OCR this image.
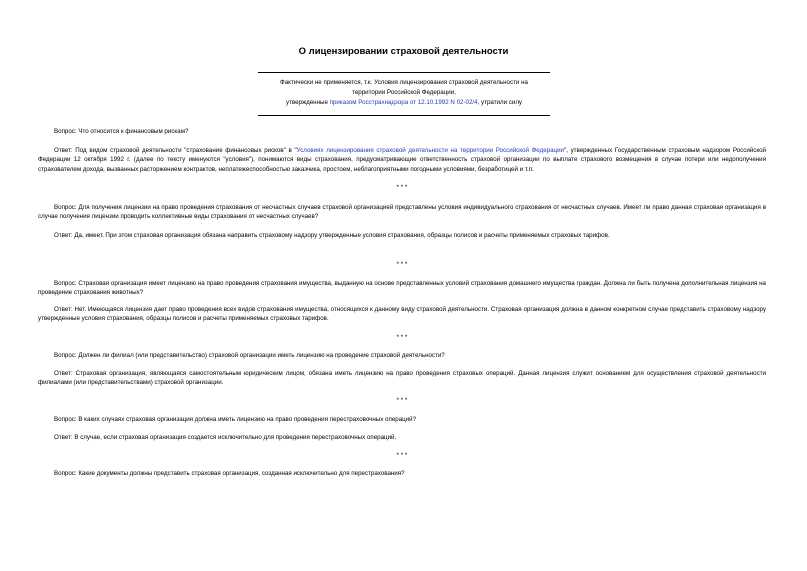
О лицензировании страховой деятельности
Фактически не применяется, т.к. Условия лицензирования страховой деятельности на
территории Российской Федерации,
утвержденные приказом Росстрахнадзора от 12.10.1992 N 02-02/4, утратили силу

Вопрос: Что относится к финансовым рискам?

Ответ: Под видом страховой деятельности "страхование финансовых рисков" в "Условиях лицензирования страховой деятельности на территории Российской Федерации", утвержденных Государственным страховым надзором Российской Федерации 12 октября 1992 г. (далее по тексту именуются "условия"), понимаются виды страхования, предусматривающие ответственность страховой организации по выплате страхового возмещения в случае потери или недополучения страхователем дохода, вызванных расторжением контрактов, неплатежеспособностью заказчика, простоем, неблагоприятными погодными условиями, безработицей и т.п.

* * *

Вопрос: Для получения лицензии на право проведения страхования от несчастных случаев страховой организацией представлены условия индивидуального страхования от несчастных случаев. Имеет ли право данная страховая организация в случае получения лицензии проводить коллективные виды страхования от несчастных случаев?

Ответ: Да, имеет. При этом страховая организация обязана направить страховому надзору утвержденные условия страхования, образцы полисов и расчеты применяемых страховых тарифов.

* * *

Вопрос: Страховая организация имеет лицензию на право проведения страхования имущества, выданную на основе представленных условий страхования домашнего имущества граждан. Должна ли быть получена дополнительная лицензия на проведение страхования животных?

Ответ: Нет. Имеющаяся лицензия дает право проведения всех видов страхования имущества, относящихся к данному виду страховой деятельности. Страховая организация должна в данном конкретном случае представить страховому надзору утвержденные условия страхования, образцы полисов и расчеты применяемых страховых тарифов.

* * *

Вопрос: Должен ли филиал (или представительство) страховой организации иметь лицензию на проведение страховой деятельности?

Ответ: Страховая организация, являющаяся самостоятельным юридическим лицом, обязана иметь лицензию на право проведения страховых операций. Данная лицензия служит основанием для осуществления страховой деятельности филиалами (или представительствами) страховой организации.

* * *

Вопрос: В каких случаях страховая организация должна иметь лицензию на право проведения перестраховочных операций?

Ответ: В случае, если страховая организация создается исключительно для проведения перестраховочных операций.

* * *

Вопрос: Какие документы должны представить страховая организация, созданная исключительно для перестрахования?
